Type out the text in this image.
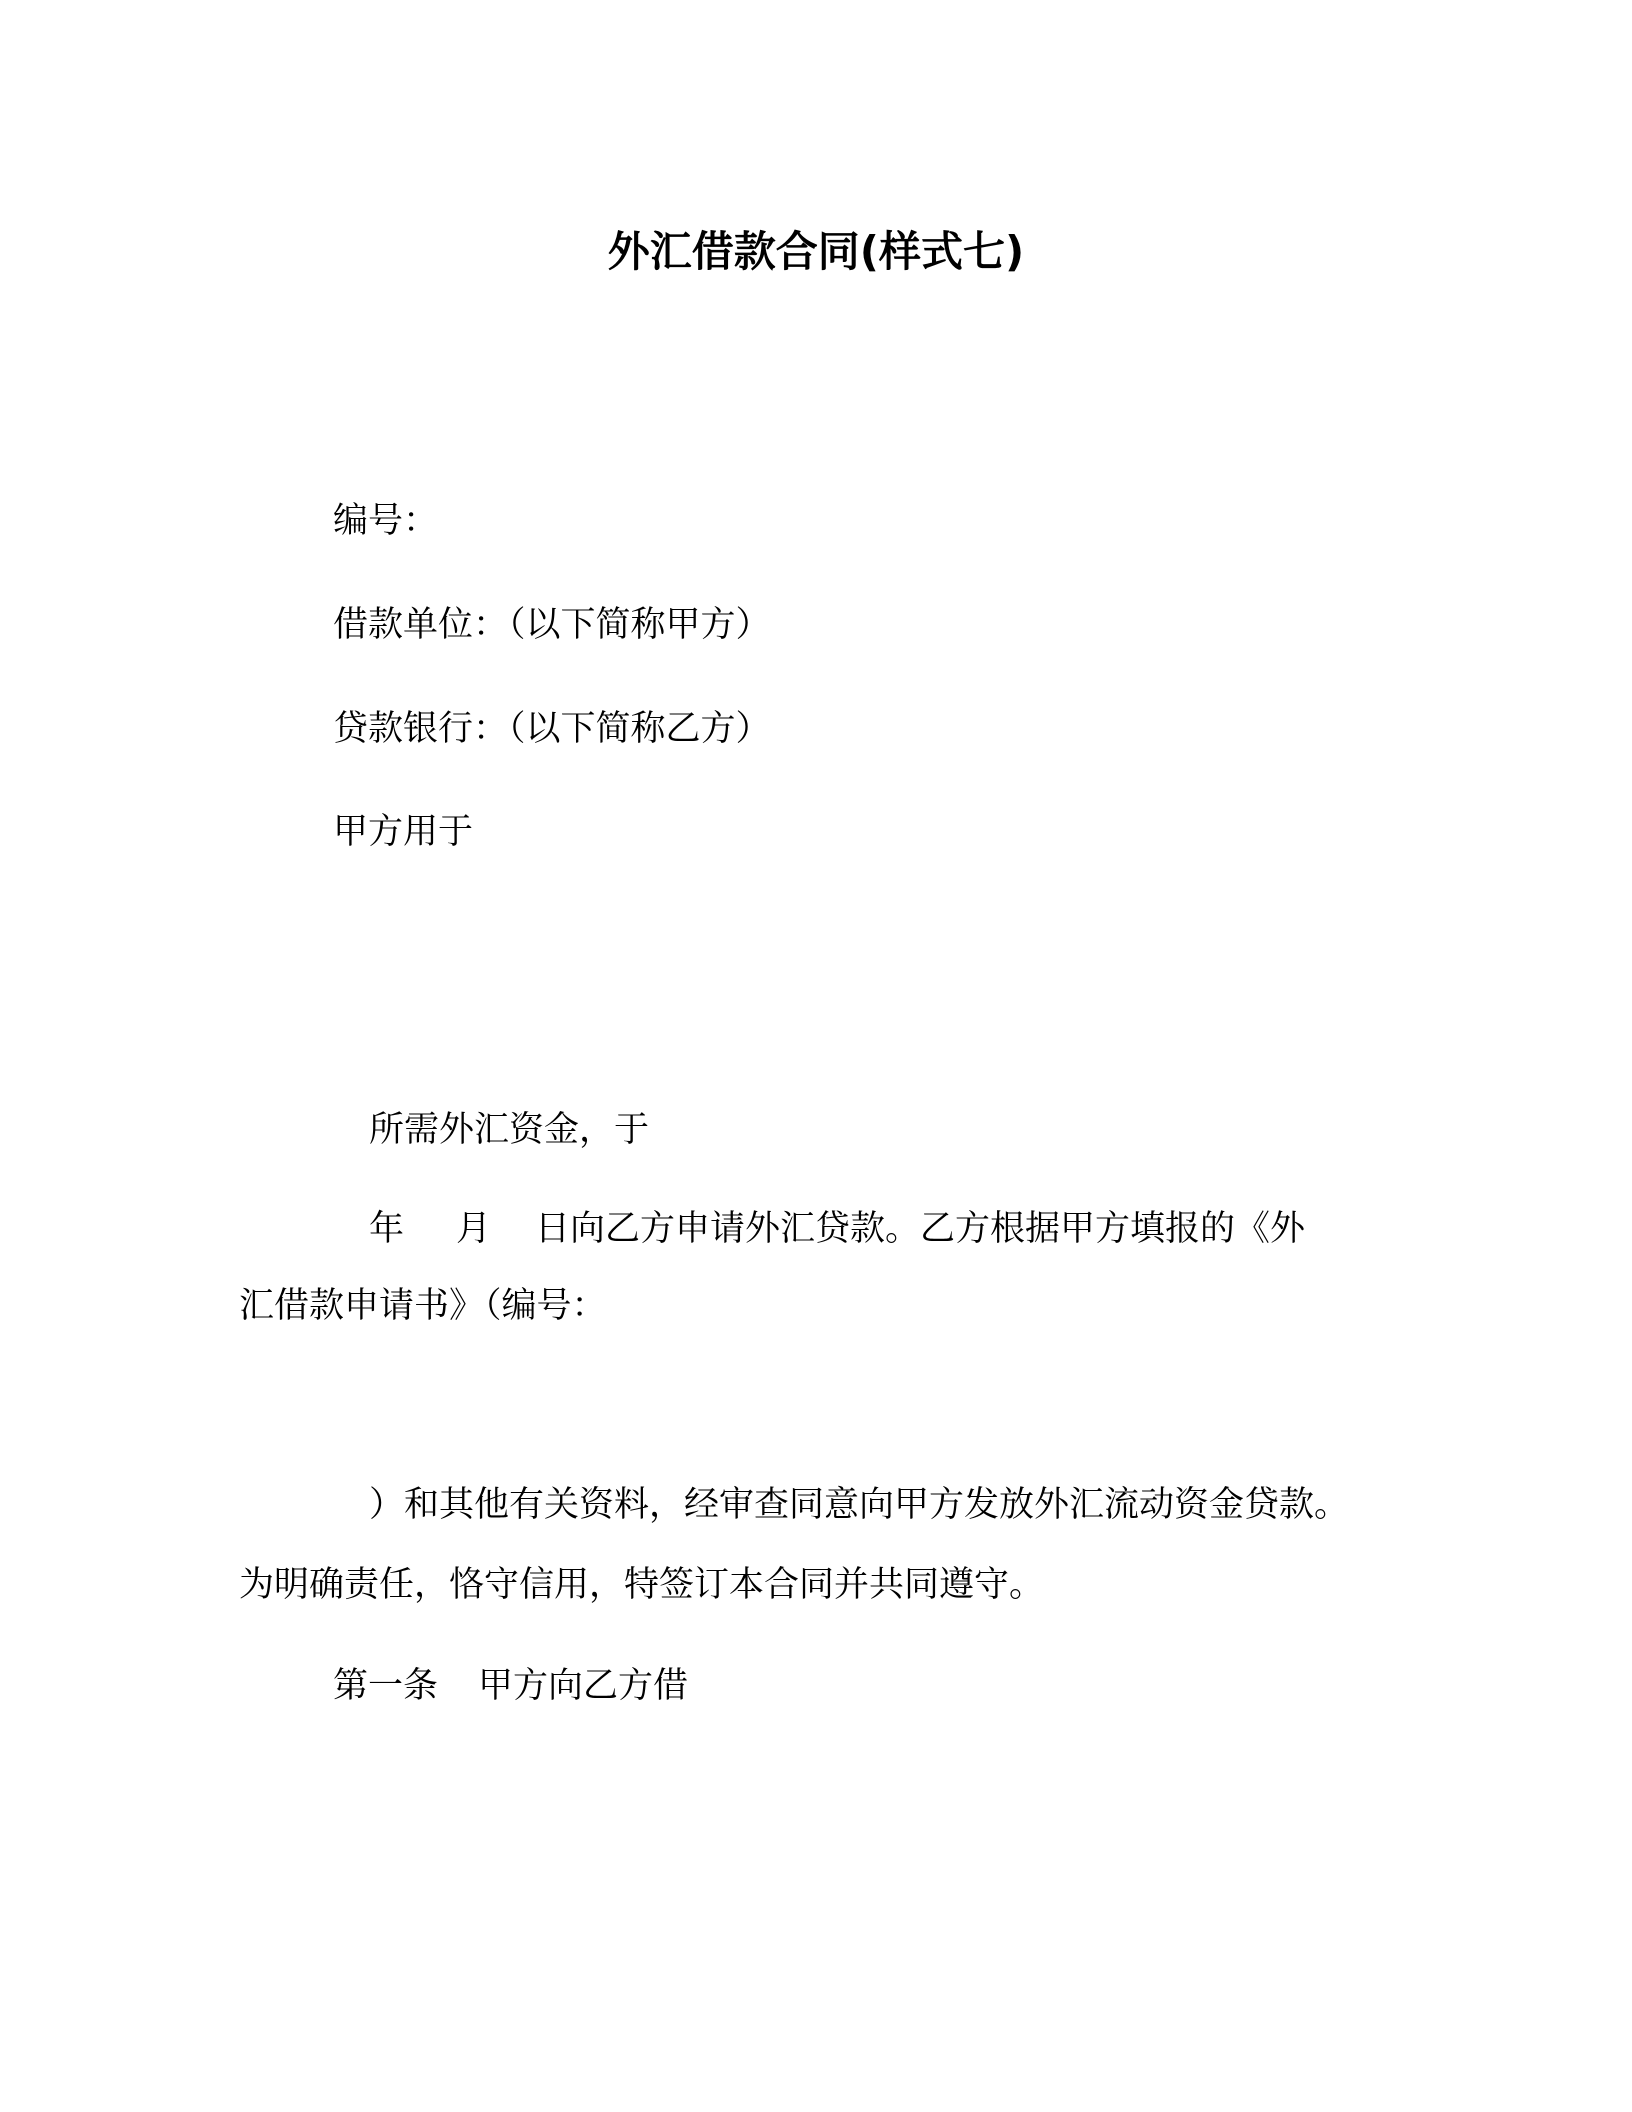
外汇借款合同(样式七)
编号：
借款单位：（以下简称甲方）
贷款银行：（以下简称乙方）
甲方用于
所需外汇资金，于
年 月 日向乙方申请外汇贷款。乙方根据甲方填报的《外
汇借款申请书》（编号：
）和其他有关资料，经审查同意向甲方发放外汇流动资金贷款。
为明确责任，恪守信用，特签订本合同并共同遵守。
第一条 甲方向乙方借
